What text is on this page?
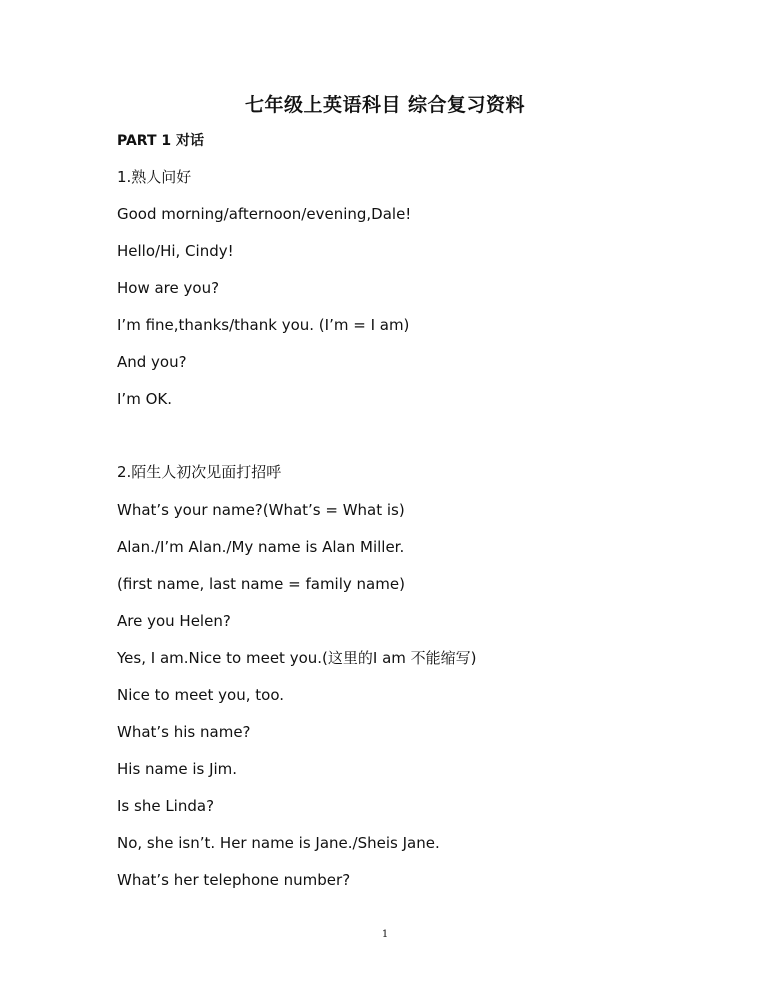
七年级上英语科目 综合复习资料
PART 1 对话
1.熟人问好
Good morning/afternoon/evening,Dale!
Hello/Hi, Cindy!
How are you?
I’m fine,thanks/thank you. (I’m = I am)
And you?
I’m OK.
2.陌生人初次见面打招呼
What’s your name?(What’s = What is)
Alan./I’m Alan./My name is Alan Miller.
(first name, last name = family name)
Are you Helen?
Yes, I am.Nice to meet you.(这里的I am 不能缩写)
Nice to meet you, too.
What’s his name?
His name is Jim.
Is she Linda?
No, she isn’t. Her name is Jane./Sheis Jane.
What’s her telephone number?
1
